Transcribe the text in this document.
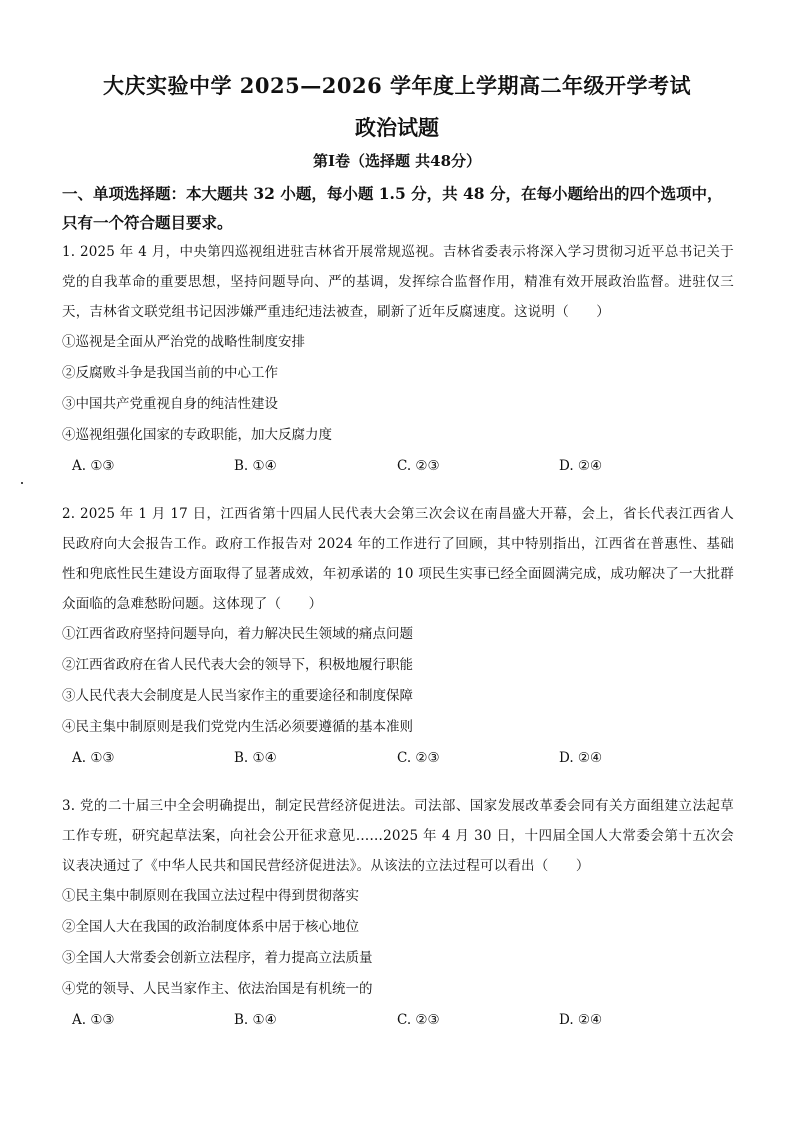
大庆实验中学 2025—2026 学年度上学期高二年级开学考试
政治试题
第Ⅰ卷（选择题 共48分）
一、单项选择题：本大题共 32 小题，每小题 1.5 分，共 48 分，在每小题给出的四个选项中，只有一个符合题目要求。
1. 2025 年 4 月，中央第四巡视组进驻吉林省开展常规巡视。吉林省委表示将深入学习贯彻习近平总书记关于党的自我革命的重要思想，坚持问题导向、严的基调，发挥综合监督作用，精准有效开展政治监督。进驻仅三天，吉林省文联党组书记因涉嫌严重违纪违法被查，刷新了近年反腐速度。这说明（　　）
①巡视是全面从严治党的战略性制度安排
②反腐败斗争是我国当前的中心工作
③中国共产党重视自身的纯洁性建设
④巡视组强化国家的专政职能，加大反腐力度
A. ①③	B. ①④	C. ②③	D. ②④
2. 2025 年 1 月 17 日，江西省第十四届人民代表大会第三次会议在南昌盛大开幕，会上，省长代表江西省人民政府向大会报告工作。政府工作报告对 2024 年的工作进行了回顾，其中特别指出，江西省在普惠性、基础性和兜底性民生建设方面取得了显著成效，年初承诺的 10 项民生实事已经全面圆满完成，成功解决了一大批群众面临的急难愁盼问题。这体现了（　　）
①江西省政府坚持问题导向，着力解决民生领域的痛点问题
②江西省政府在省人民代表大会的领导下，积极地履行职能
③人民代表大会制度是人民当家作主的重要途径和制度保障
④民主集中制原则是我们党党内生活必须要遵循的基本准则
A. ①③	B. ①④	C. ②③	D. ②④
3. 党的二十届三中全会明确提出，制定民营经济促进法。司法部、国家发展改革委会同有关方面组建立法起草工作专班，研究起草法案，向社会公开征求意见……2025 年 4 月 30 日，十四届全国人大常委会第十五次会议表决通过了《中华人民共和国民营经济促进法》。从该法的立法过程可以看出（　　）
①民主集中制原则在我国立法过程中得到贯彻落实
②全国人大在我国的政治制度体系中居于核心地位
③全国人大常委会创新立法程序，着力提高立法质量
④党的领导、人民当家作主、依法治国是有机统一的
A. ①③	B. ①④	C. ②③	D. ②④
